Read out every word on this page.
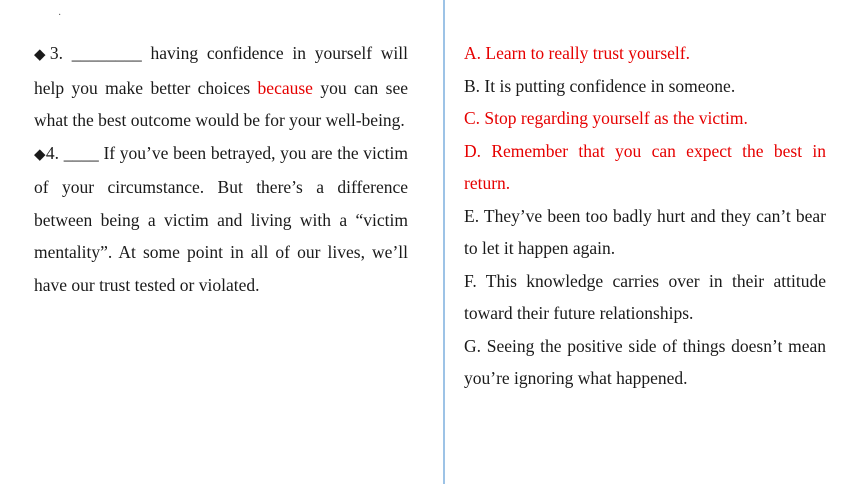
·

◆3. ________ having confidence in yourself will help you make better choices because you can see what the best outcome would be for your well-being.

◆4. ____ If you’ve been betrayed, you are the victim of your circumstance. But there’s a difference between being a victim and living with a “victim mentality”. At some point in all of our lives, we’ll have our trust tested or violated.

A. Learn to really trust yourself.

B. It is putting confidence in someone.

C. Stop regarding yourself as the victim.

D. Remember that you can expect the best in return.

E. They’ve been too badly hurt and they can’t bear to let it happen again.

F. This knowledge carries over in their attitude toward their future relationships.

G. Seeing the positive side of things doesn’t mean you’re ignoring what happened.
